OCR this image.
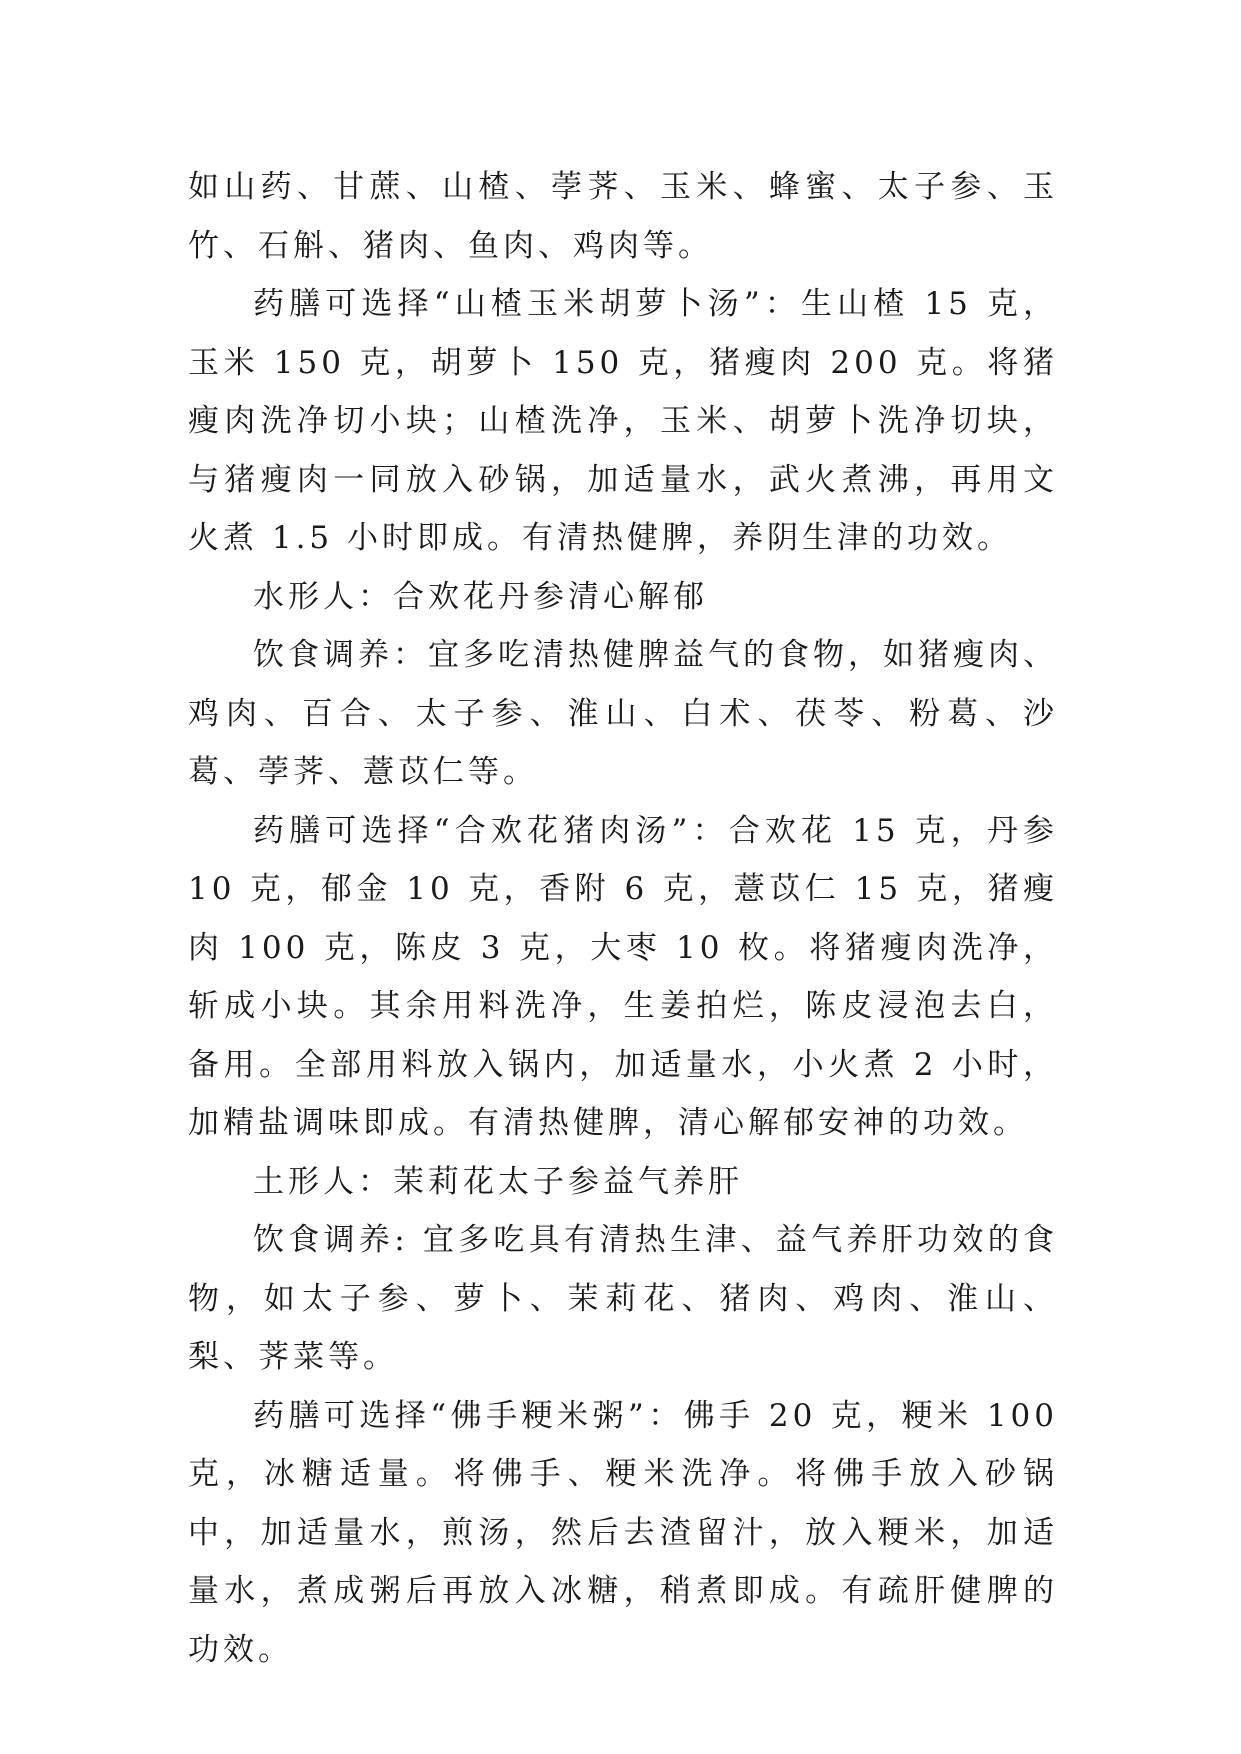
如山药、甘蔗、山楂、荸荠、玉米、蜂蜜、太子参、玉竹、石斛、猪肉、鱼肉、鸡肉等。

药膳可选择“山楂玉米胡萝卜汤”：生山楂 15 克，玉米 150 克，胡萝卜 150 克，猪瘦肉 200 克。将猪瘦肉洗净切小块；山楂洗净，玉米、胡萝卜洗净切块，与猪瘦肉一同放入砂锅，加适量水，武火煮沸，再用文火煮 1.5 小时即成。有清热健脾，养阴生津的功效。

水形人：合欢花丹参清心解郁

饮食调养：宜多吃清热健脾益气的食物，如猪瘦肉、鸡肉、百合、太子参、淮山、白术、茯苓、粉葛、沙葛、荸荠、薏苡仁等。

药膳可选择“合欢花猪肉汤”：合欢花 15 克，丹参 10 克，郁金 10 克，香附 6 克，薏苡仁 15 克，猪瘦肉 100 克，陈皮 3 克，大枣 10 枚。将猪瘦肉洗净，斩成小块。其余用料洗净，生姜拍烂，陈皮浸泡去白，备用。全部用料放入锅内，加适量水，小火煮 2 小时，加精盐调味即成。有清热健脾，清心解郁安神的功效。

土形人：茉莉花太子参益气养肝

饮食调养: 宜多吃具有清热生津、益气养肝功效的食物，如太子参、萝卜、茉莉花、猪肉、鸡肉、淮山、梨、荠菜等。

药膳可选择“佛手粳米粥”：佛手 20 克，粳米 100 克，冰糖适量。将佛手、粳米洗净。将佛手放入砂锅中，加适量水，煎汤，然后去渣留汁，放入粳米，加适量水，煮成粥后再放入冰糖，稍煮即成。有疏肝健脾的功效。
